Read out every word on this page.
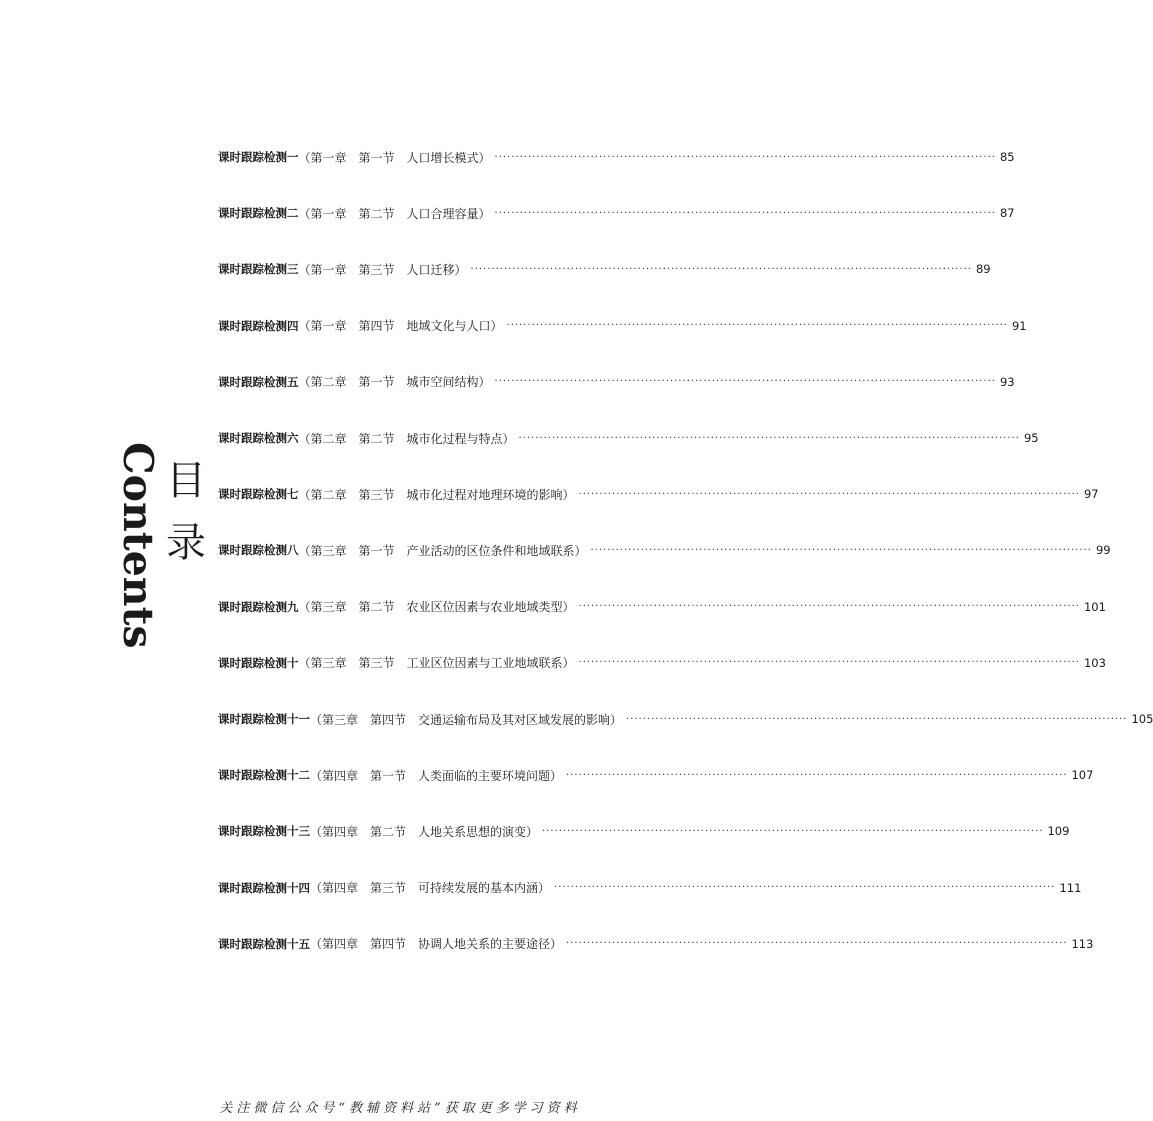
目
录
Contents
课时跟踪检测一 （第一章　第一节　人口增长模式） ························································································································ 85
课时跟踪检测二 （第一章　第二节　人口合理容量） ························································································································ 87
课时跟踪检测三 （第一章　第三节　人口迁移） ························································································································ 89
课时跟踪检测四 （第一章　第四节　地域文化与人口） ························································································································ 91
课时跟踪检测五 （第二章　第一节　城市空间结构） ························································································································ 93
课时跟踪检测六 （第二章　第二节　城市化过程与特点） ························································································································ 95
课时跟踪检测七 （第二章　第三节　城市化过程对地理环境的影响） ························································································································ 97
课时跟踪检测八 （第三章　第一节　产业活动的区位条件和地域联系） ························································································································ 99
课时跟踪检测九 （第三章　第二节　农业区位因素与农业地域类型） ························································································································ 101
课时跟踪检测十 （第三章　第三节　工业区位因素与工业地域联系） ························································································································ 103
课时跟踪检测十一 （第三章　第四节　交通运输布局及其对区域发展的影响） ························································································································ 105
课时跟踪检测十二 （第四章　第一节　人类面临的主要环境问题） ························································································································ 107
课时跟踪检测十三 （第四章　第二节　人地关系思想的演变） ························································································································ 109
课时跟踪检测十四 （第四章　第三节　可持续发展的基本内涵） ························································································································ 111
课时跟踪检测十五 （第四章　第四节　协调人地关系的主要途径） ························································································································ 113
关注微信公众号“教辅资料站”获取更多学习资料
